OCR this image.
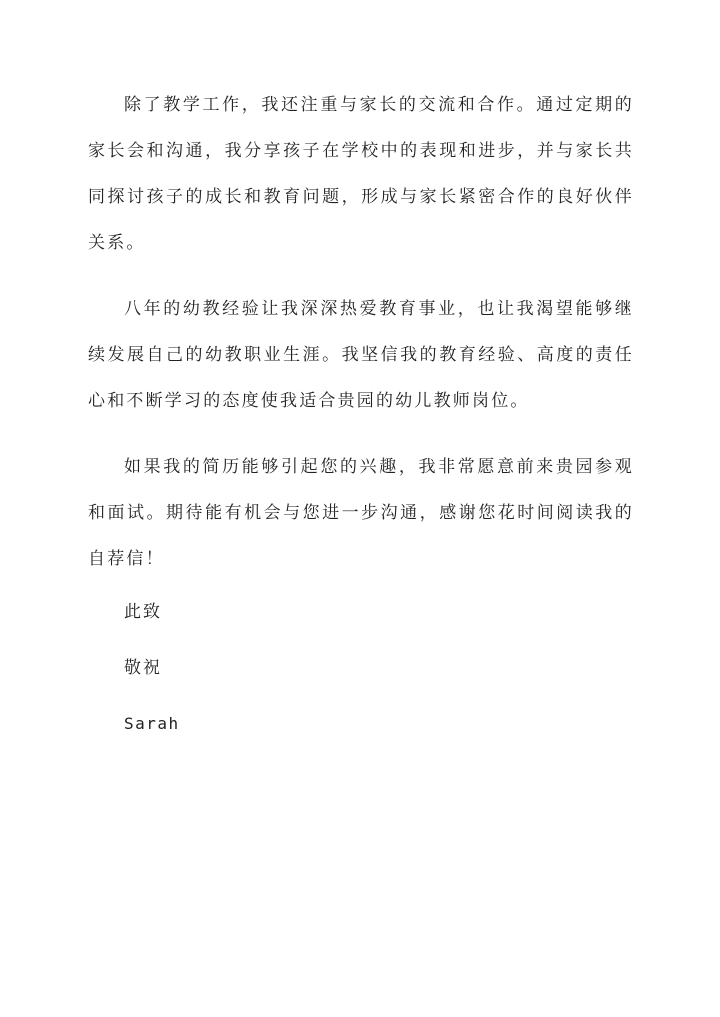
除了教学工作，我还注重与家长的交流和合作。通过定期的家长会和沟通，我分享孩子在学校中的表现和进步，并与家长共同探讨孩子的成长和教育问题，形成与家长紧密合作的良好伙伴关系。

八年的幼教经验让我深深热爱教育事业，也让我渴望能够继续发展自己的幼教职业生涯。我坚信我的教育经验、高度的责任心和不断学习的态度使我适合贵园的幼儿教师岗位。

如果我的简历能够引起您的兴趣，我非常愿意前来贵园参观和面试。期待能有机会与您进一步沟通，感谢您花时间阅读我的自荐信！

此致

敬祝

Sarah
